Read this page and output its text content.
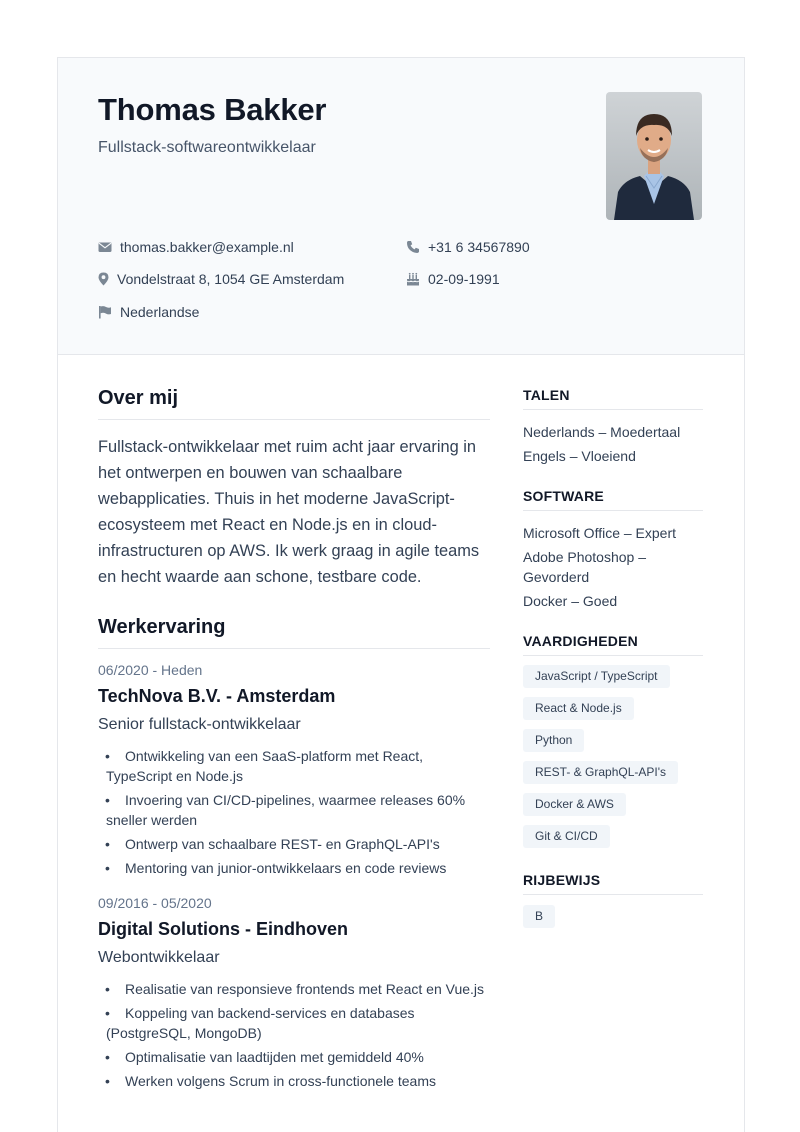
Thomas Bakker
Fullstack-softwareontwikkelaar
thomas.bakker@example.nl	+31 6 34567890
Vondelstraat 8, 1054 GE Amsterdam	02-09-1991
Nederlandse
Over mij

Fullstack-ontwikkelaar met ruim acht jaar ervaring in het ontwerpen en bouwen van schaalbare webapplicaties. Thuis in het moderne JavaScript-ecosysteem met React en Node.js en in cloud-infrastructuren op AWS. Ik werk graag in agile teams en hecht waarde aan schone, testbare code.

Werkervaring
06/2020 - Heden
TechNova B.V. - Amsterdam
Senior fullstack-ontwikkelaar
• Ontwikkeling van een SaaS-platform met React, TypeScript en Node.js
• Invoering van CI/CD-pipelines, waarmee releases 60% sneller werden
• Ontwerp van schaalbare REST- en GraphQL-API's
• Mentoring van junior-ontwikkelaars en code reviews
09/2016 - 05/2020
Digital Solutions - Eindhoven
Webontwikkelaar
• Realisatie van responsieve frontends met React en Vue.js
• Koppeling van backend-services en databases (PostgreSQL, MongoDB)
• Optimalisatie van laadtijden met gemiddeld 40%
• Werken volgens Scrum in cross-functionele teams
TALEN
Nederlands – Moedertaal
Engels – Vloeiend
SOFTWARE
Microsoft Office – Expert
Adobe Photoshop – Gevorderd
Docker – Goed
VAARDIGHEDEN
JavaScript / TypeScript
React & Node.js
Python
REST- & GraphQL-API's
Docker & AWS
Git & CI/CD
RIJBEWIJS
B
